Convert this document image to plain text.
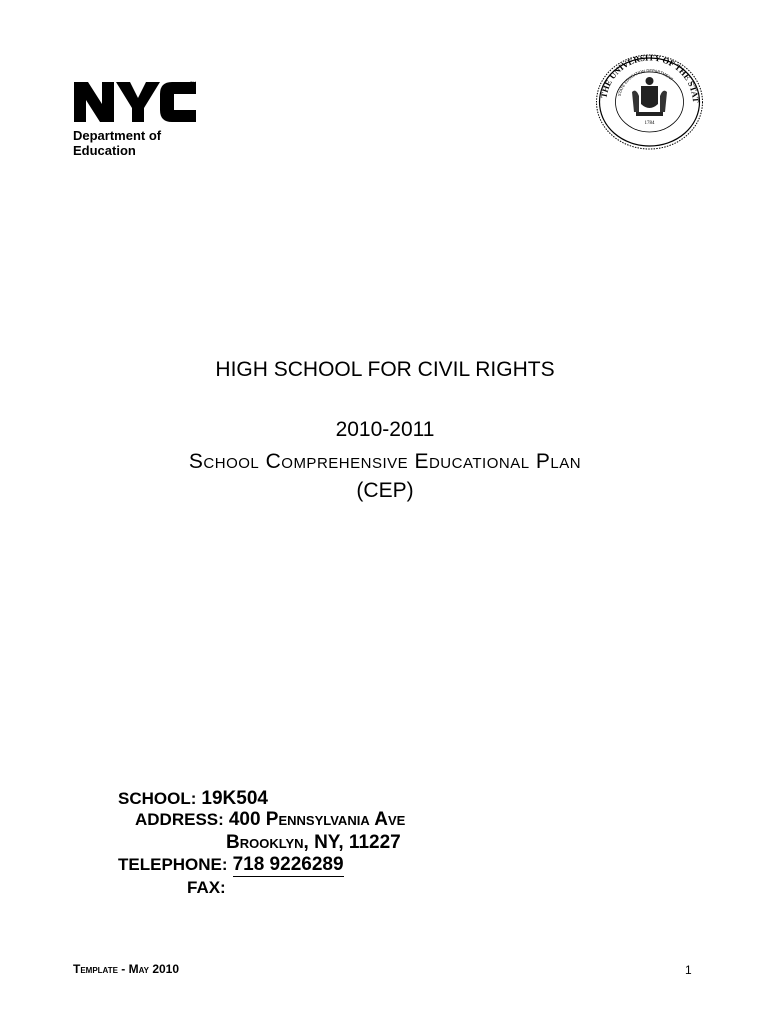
TM
Department of
Education
THE UNIVERSITY OF THE STAT
STATE EDUCATION DEPARTMENT
1784
HIGH SCHOOL FOR CIVIL RIGHTS
2010-2011
School Comprehensive Educational Plan
(CEP)
SCHOOL: 19K504
ADDRESS: 400 Pennsylvania Ave
Brooklyn, NY, 11227
TELEPHONE: 718 9226289
FAX:
Template - May 2010	1
